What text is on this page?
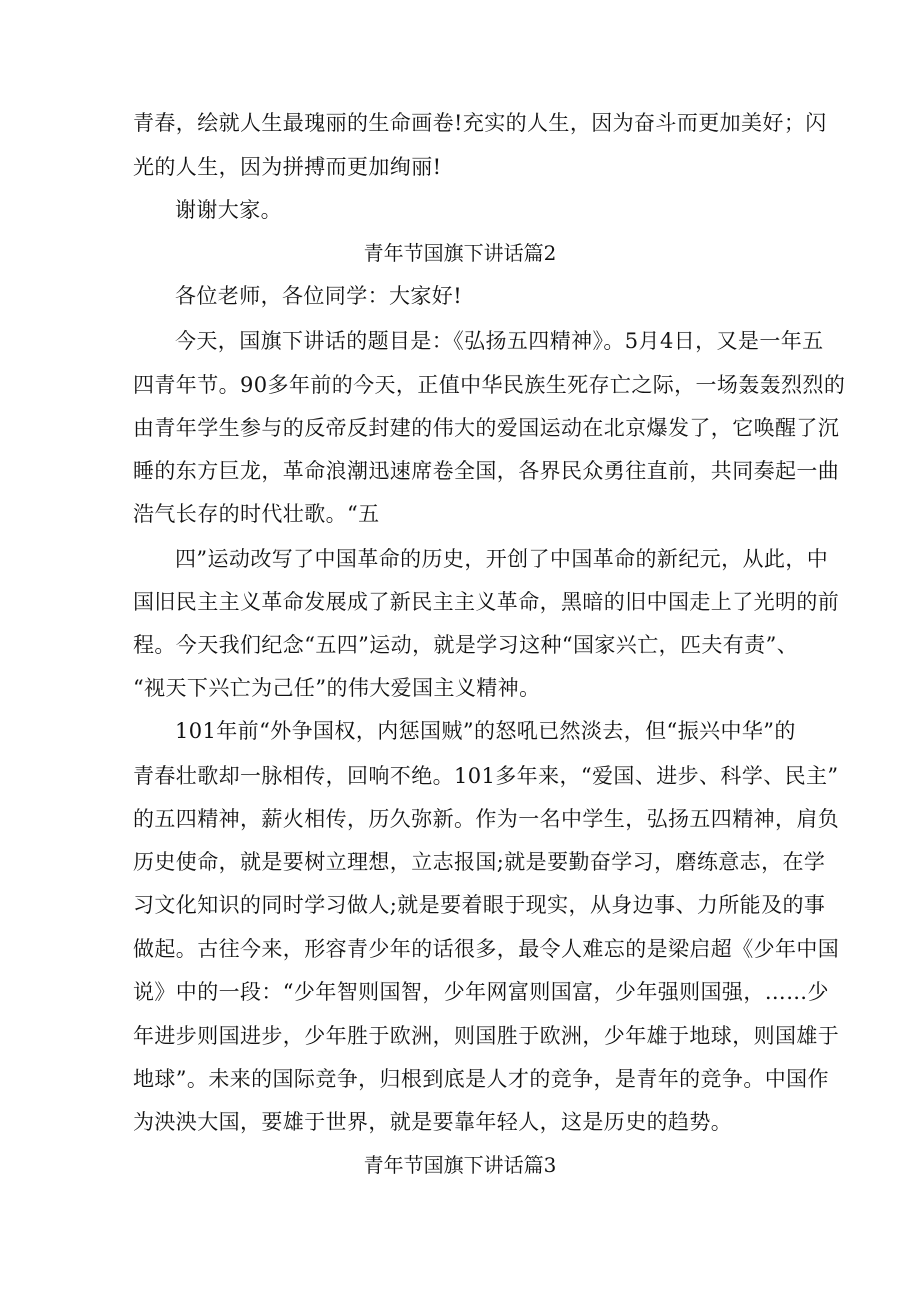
青春，绘就人生最瑰丽的生命画卷!充实的人生，因为奋斗而更加美好；闪
光的人生，因为拼搏而更加绚丽!
谢谢大家。
青年节国旗下讲话篇2
各位老师，各位同学：大家好!
今天，国旗下讲话的题目是：《弘扬五四精神》。5月4日，又是一年五
四青年节。90多年前的今天，正值中华民族生死存亡之际，一场轰轰烈烈的
由青年学生参与的反帝反封建的伟大的爱国运动在北京爆发了，它唤醒了沉
睡的东方巨龙，革命浪潮迅速席卷全国，各界民众勇往直前，共同奏起一曲
浩气长存的时代壮歌。“五
四”运动改写了中国革命的历史，开创了中国革命的新纪元，从此，中
国旧民主主义革命发展成了新民主主义革命，黑暗的旧中国走上了光明的前
程。今天我们纪念“五四”运动，就是学习这种“国家兴亡，匹夫有责”、
“视天下兴亡为己任”的伟大爱国主义精神。
101年前“外争国权，内惩国贼”的怒吼已然淡去，但“振兴中华”的
青春壮歌却一脉相传，回响不绝。101多年来，“爱国、进步、科学、民主”
的五四精神，薪火相传，历久弥新。作为一名中学生，弘扬五四精神，肩负
历史使命，就是要树立理想，立志报国;就是要勤奋学习，磨练意志，在学
习文化知识的同时学习做人;就是要着眼于现实，从身边事、力所能及的事
做起。古往今来，形容青少年的话很多，最令人难忘的是梁启超《少年中国
说》中的一段：“少年智则国智，少年网富则国富，少年强则国强，……少
年进步则国进步，少年胜于欧洲，则国胜于欧洲，少年雄于地球，则国雄于
地球”。未来的国际竞争，归根到底是人才的竞争，是青年的竞争。中国作
为泱泱大国，要雄于世界，就是要靠年轻人，这是历史的趋势。
青年节国旗下讲话篇3
